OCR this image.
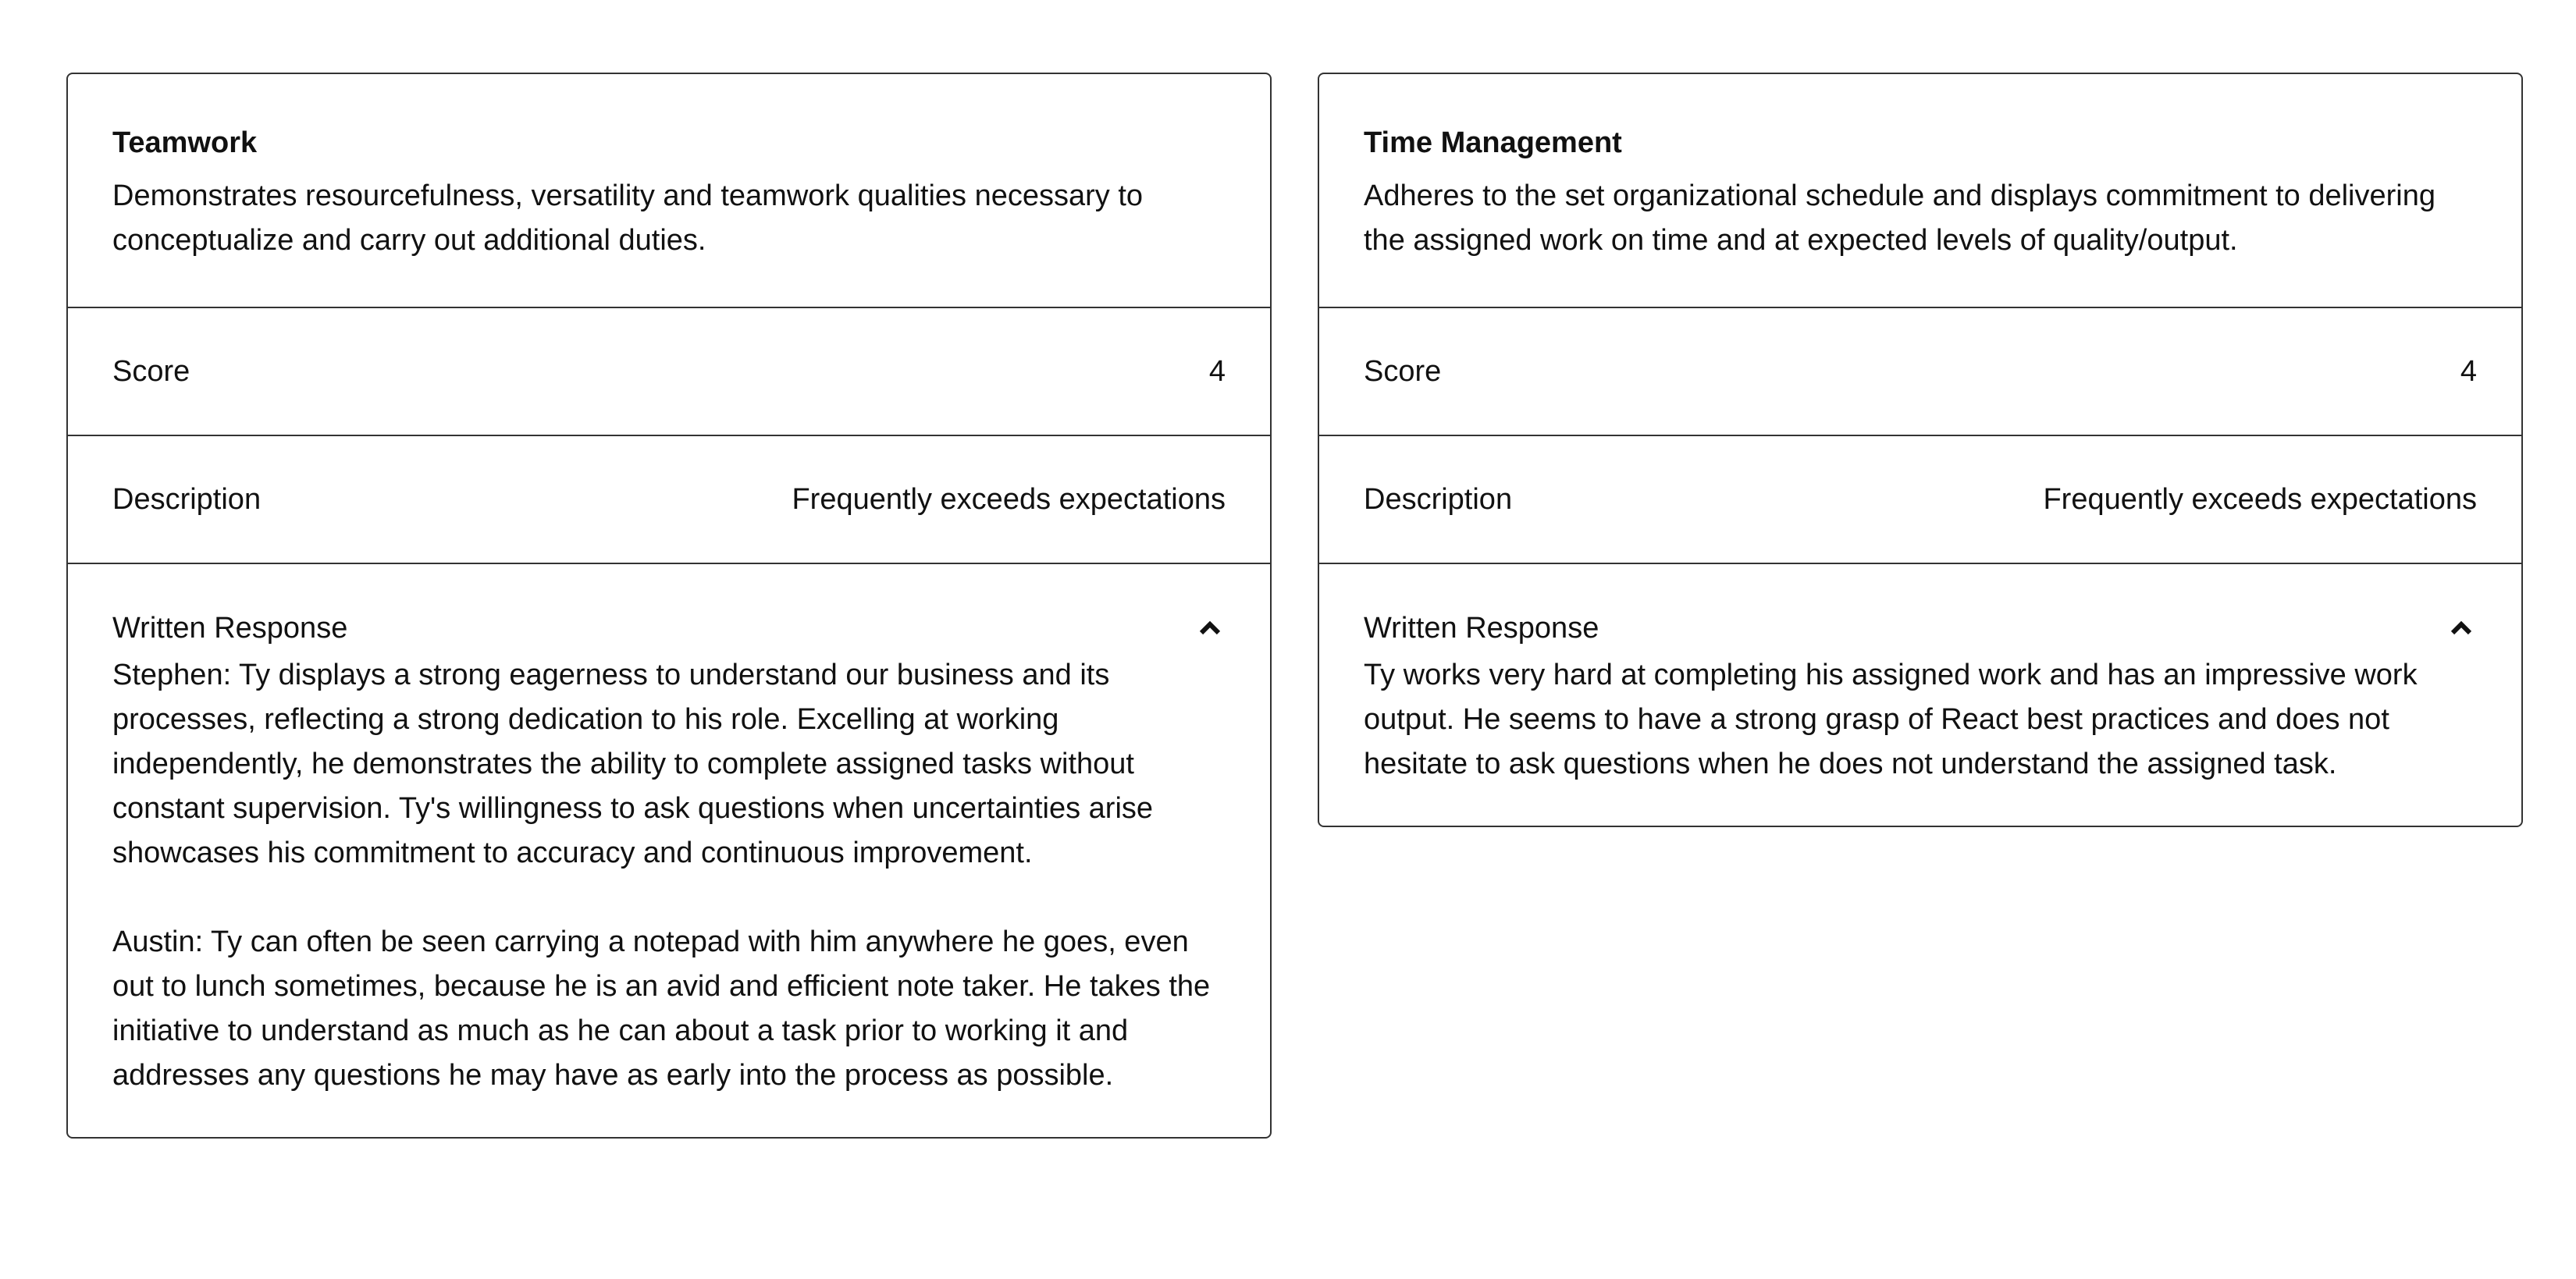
Teamwork
Demonstrates resourcefulness, versatility and teamwork qualities necessary to conceptualize and carry out additional duties.
Score	4
Description	Frequently exceeds expectations
Written Response

Stephen: Ty displays a strong eagerness to understand our business and its processes, reflecting a strong dedication to his role. Excelling at working independently, he demonstrates the ability to complete assigned tasks without constant supervision. Ty's willingness to ask questions when uncertainties arise showcases his commitment to accuracy and continuous improvement.

Austin: Ty can often be seen carrying a notepad with him anywhere he goes, even out to lunch sometimes, because he is an avid and efficient note taker. He takes the initiative to understand as much as he can about a task prior to working it and addresses any questions he may have as early into the process as possible.

Time Management
Adheres to the set organizational schedule and displays commitment to delivering the assigned work on time and at expected levels of quality/output.
Score	4
Description	Frequently exceeds expectations
Written Response

Ty works very hard at completing his assigned work and has an impressive work output. He seems to have a strong grasp of React best practices and does not hesitate to ask questions when he does not understand the assigned task.
